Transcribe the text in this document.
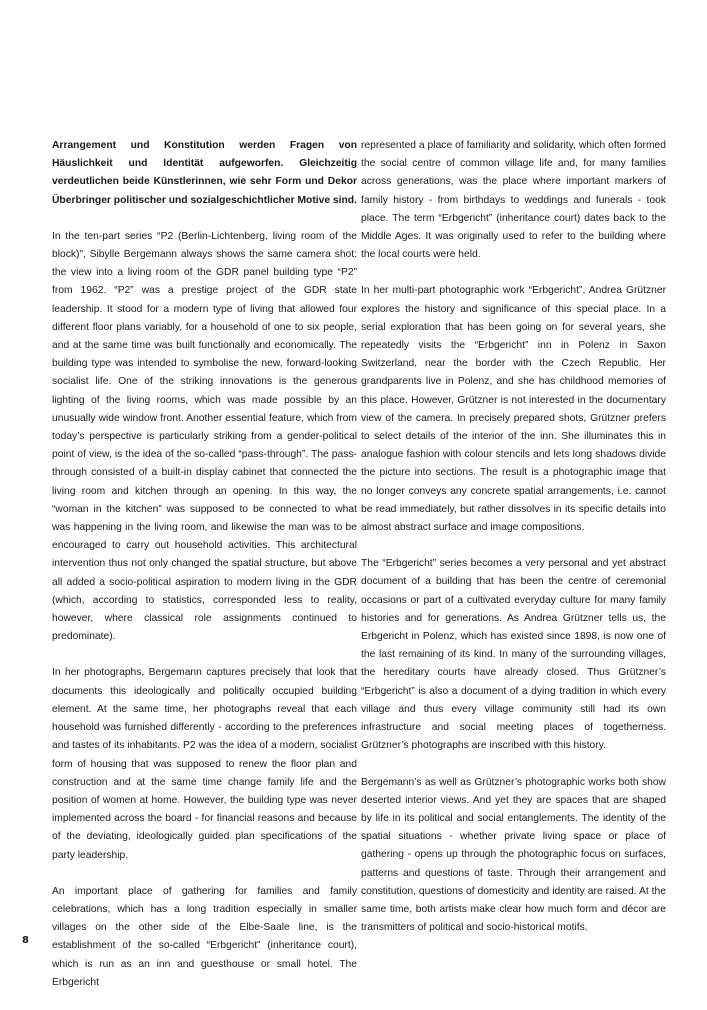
Arrangement und Konstitution werden Fragen von Häuslichkeit und Identität aufgeworfen. Gleichzeitig verdeutlichen beide Künstlerinnen, wie sehr Form und Dekor Überbringer politischer und sozialgeschichtlicher Motive sind.

In the ten-part series “P2 (Berlin-Lichtenberg, living room of the block)”, Sibylle Bergemann always shows the same camera shot: the view into a living room of the GDR panel building type “P2” from 1962. “P2” was a prestige project of the GDR state leadership. It stood for a modern type of living that allowed four different floor plans variably, for a household of one to six people, and at the same time was built functionally and economically. The building type was intended to symbolise the new, forward-looking socialist life. One of the striking innovations is the generous lighting of the living rooms, which was made possible by an unusually wide window front. Another essential feature, which from today’s perspective is particularly striking from a gender-political point of view, is the idea of the so-called “pass-through”. The pass-through consisted of a built-in display cabinet that connected the living room and kitchen through an opening. In this way, the “woman in the kitchen” was supposed to be connected to what was happening in the living room, and likewise the man was to be encouraged to carry out household activities. This architectural intervention thus not only changed the spatial structure, but above all added a socio-political aspiration to modern living in the GDR (which, according to statistics, corresponded less to reality, however, where classical role assignments continued to predominate).

In her photographs, Bergemann captures precisely that look that documents this ideologically and politically occupied building element. At the same time, her photographs reveal that each household was furnished differently - according to the preferences and tastes of its inhabitants. P2 was the idea of a modern, socialist form of housing that was supposed to renew the floor plan and construction and at the same time change family life and the position of women at home. However, the building type was never implemented across the board - for financial reasons and because of the deviating, ideologically guided plan specifications of the party leadership.

An important place of gathering for families and family celebrations, which has a long tradition especially in smaller villages on the other side of the Elbe-Saale line, is the establishment of the so-called “Erbgericht” (inheritance court), which is run as an inn and guesthouse or small hotel. The Erbgericht

represented a place of familiarity and solidarity, which often formed the social centre of common village life and, for many families across generations, was the place where important markers of family history - from birthdays to weddings and funerals - took place. The term “Erbgericht” (inheritance court) dates back to the Middle Ages. It was originally used to refer to the building where the local courts were held.

In her multi-part photographic work “Erbgericht”, Andrea Grützner explores the history and significance of this special place. In a serial exploration that has been going on for several years, she repeatedly visits the “Erbgericht” inn in Polenz in Saxon Switzerland, near the border with the Czech Republic. Her grandparents live in Polenz, and she has childhood memories of this place. However, Grützner is not interested in the documentary view of the camera. In precisely prepared shots, Grützner prefers to select details of the interior of the inn. She illuminates this in analogue fashion with colour stencils and lets long shadows divide the picture into sections. The result is a photographic image that no longer conveys any concrete spatial arrangements, i.e. cannot be read immediately, but rather dissolves in its specific details into almost abstract surface and image compositions.

The “Erbgericht” series becomes a very personal and yet abstract document of a building that has been the centre of ceremonial occasions or part of a cultivated everyday culture for many family histories and for generations. As Andrea Grützner tells us, the Erbgericht in Polenz, which has existed since 1898, is now one of the last remaining of its kind. In many of the surrounding villages, the hereditary courts have already closed. Thus Grützner’s “Erbgericht” is also a document of a dying tradition in which every village and thus every village community still had its own infrastructure and social meeting places of togetherness. Grützner’s photographs are inscribed with this history.

Bergemann’s as well as Grützner’s photographic works both show deserted interior views. And yet they are spaces that are shaped by life in its political and social entanglements. The identity of the spatial situations - whether private living space or place of gathering - opens up through the photographic focus on surfaces, patterns and questions of taste. Through their arrangement and constitution, questions of domesticity and identity are raised. At the same time, both artists make clear how much form and décor are transmitters of political and socio-historical motifs.

8
